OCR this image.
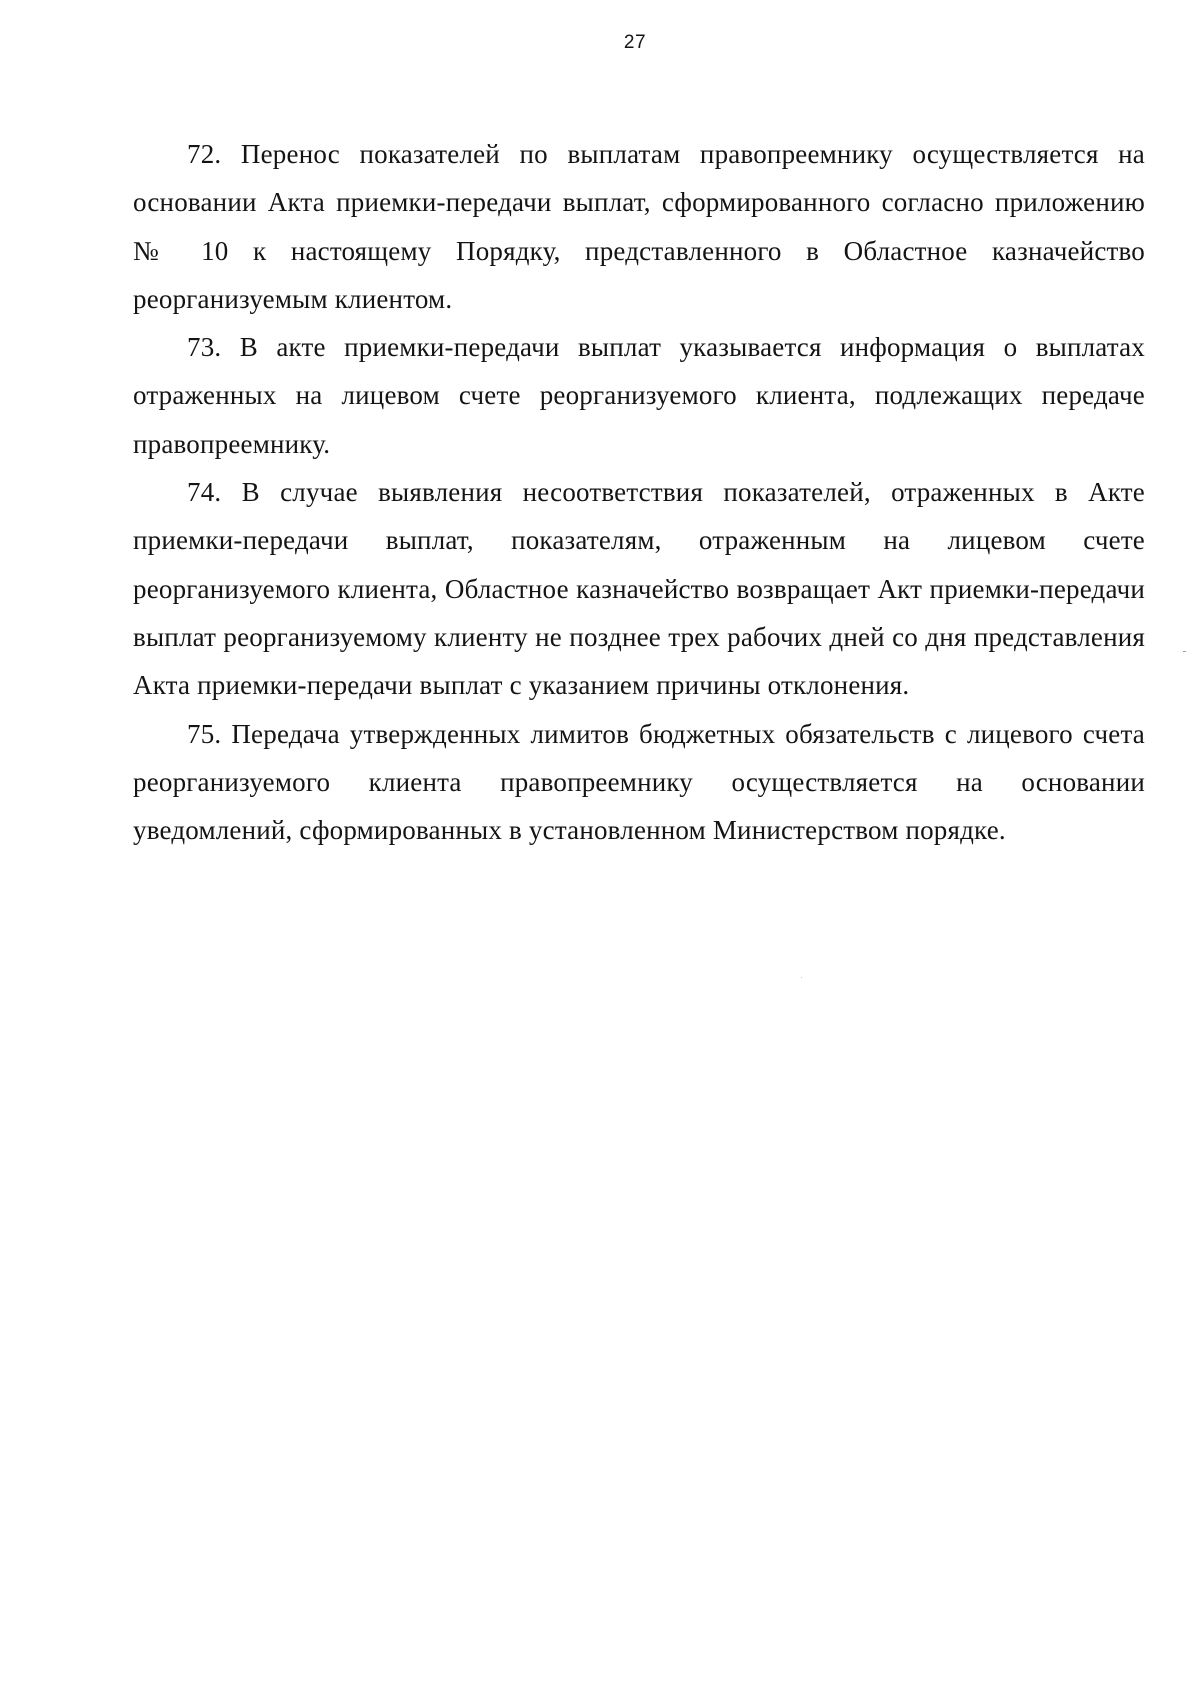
27

72. Перенос показателей по выплатам правопреемнику осуществляется на основании Акта приемки-передачи выплат, сформированного согласно приложению № 10 к настоящему Порядку, представленного в Областное казначейство реорганизуемым клиентом.

73. В акте приемки-передачи выплат указывается информация о выплатах отраженных на лицевом счете реорганизуемого клиента, подлежащих передаче правопреемнику.

74. В случае выявления несоответствия показателей, отраженных в Акте приемки-передачи выплат, показателям, отраженным на лицевом счете реорганизуемого клиента, Областное казначейство возвращает Акт приемки-передачи выплат реорганизуемому клиенту не позднее трех рабочих дней со дня представления Акта приемки-передачи выплат с указанием причины отклонения.

75. Передача утвержденных лимитов бюджетных обязательств с лицевого счета реорганизуемого клиента правопреемнику осуществляется на основании уведомлений, сформированных в установленном Министерством порядке.
